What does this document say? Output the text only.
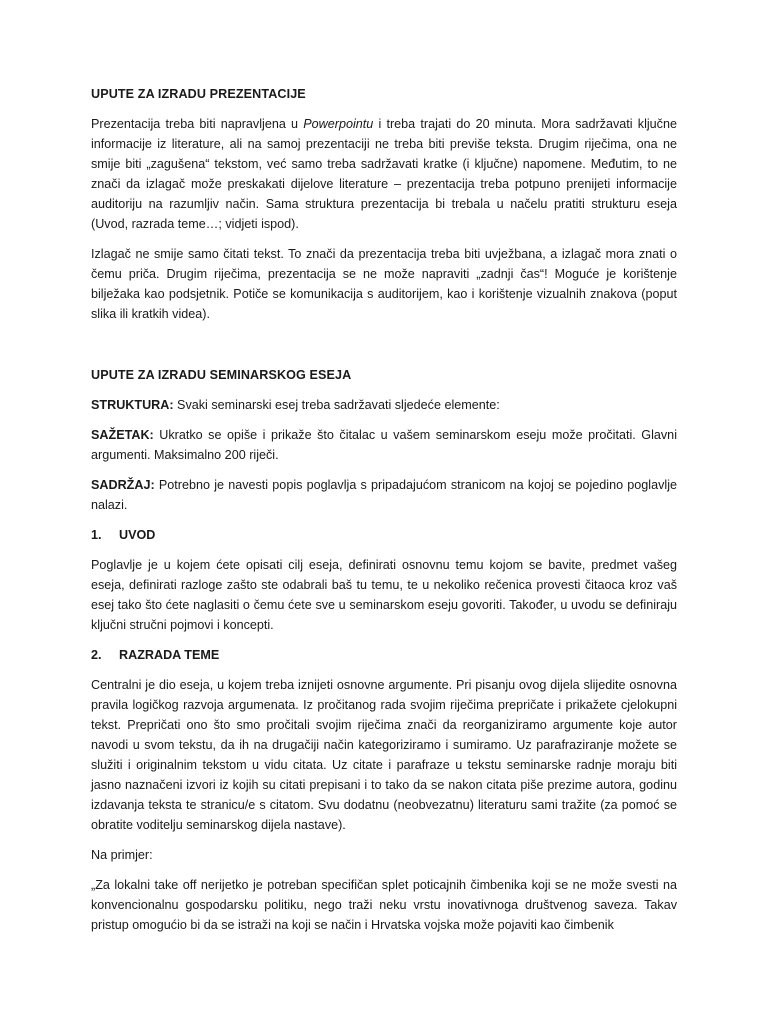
UPUTE ZA IZRADU PREZENTACIJE

Prezentacija treba biti napravljena u Powerpointu i treba trajati do 20 minuta. Mora sadržavati ključne informacije iz literature, ali na samoj prezentaciji ne treba biti previše teksta. Drugim riječima, ona ne smije biti „zagušena“ tekstom, već samo treba sadržavati kratke (i ključne) napomene. Međutim, to ne znači da izlagač može preskakati dijelove literature – prezentacija treba potpuno prenijeti informacije auditoriju na razumljiv način. Sama struktura prezentacija bi trebala u načelu pratiti strukturu eseja (Uvod, razrada teme…; vidjeti ispod).

Izlagač ne smije samo čitati tekst. To znači da prezentacija treba biti uvježbana, a izlagač mora znati o čemu priča. Drugim riječima, prezentacija se ne može napraviti „zadnji čas“! Moguće je korištenje bilježaka kao podsjetnik. Potiče se komunikacija s auditorijem, kao i korištenje vizualnih znakova (poput slika ili kratkih videa).

UPUTE ZA IZRADU SEMINARSKOG ESEJA

STRUKTURA: Svaki seminarski esej treba sadržavati sljedeće elemente:

SAŽETAK: Ukratko se opiše i prikaže što čitalac u vašem seminarskom eseju može pročitati. Glavni argumenti. Maksimalno 200 riječi.

SADRŽAJ: Potrebno je navesti popis poglavlja s pripadajućom stranicom na kojoj se pojedino poglavlje nalazi.

1.	UVOD

Poglavlje je u kojem ćete opisati cilj eseja, definirati osnovnu temu kojom se bavite, predmet vašeg eseja, definirati razloge zašto ste odabrali baš tu temu, te u nekoliko rečenica provesti čitaoca kroz vaš esej tako što ćete naglasiti o čemu ćete sve u seminarskom eseju govoriti. Također, u uvodu se definiraju ključni stručni pojmovi i koncepti.

2.	RAZRADA TEME

Centralni je dio eseja, u kojem treba iznijeti osnovne argumente. Pri pisanju ovog dijela slijedite osnovna pravila logičkog razvoja argumenata. Iz pročitanog rada svojim riječima prepričate i prikažete cjelokupni tekst. Prepričati ono što smo pročitali svojim riječima znači da reorganiziramo argumente koje autor navodi u svom tekstu, da ih na drugačiji način kategoriziramo i sumiramo. Uz parafraziranje možete se služiti i originalnim tekstom u vidu citata. Uz citate i parafraze u tekstu seminarske radnje moraju biti jasno naznačeni izvori iz kojih su citati prepisani i to tako da se nakon citata piše prezime autora, godinu izdavanja teksta te stranicu/e s citatom. Svu dodatnu (neobvezatnu) literaturu sami tražite (za pomoć se obratite voditelju seminarskog dijela nastave).

Na primjer:

„Za lokalni take off nerijetko je potreban specifičan splet poticajnih čimbenika koji se ne može svesti na konvencionalnu gospodarsku politiku, nego traži neku vrstu inovativnoga društvenog saveza. Takav pristup omogućio bi da se istraži na koji se način i Hrvatska vojska može pojaviti kao čimbenik
